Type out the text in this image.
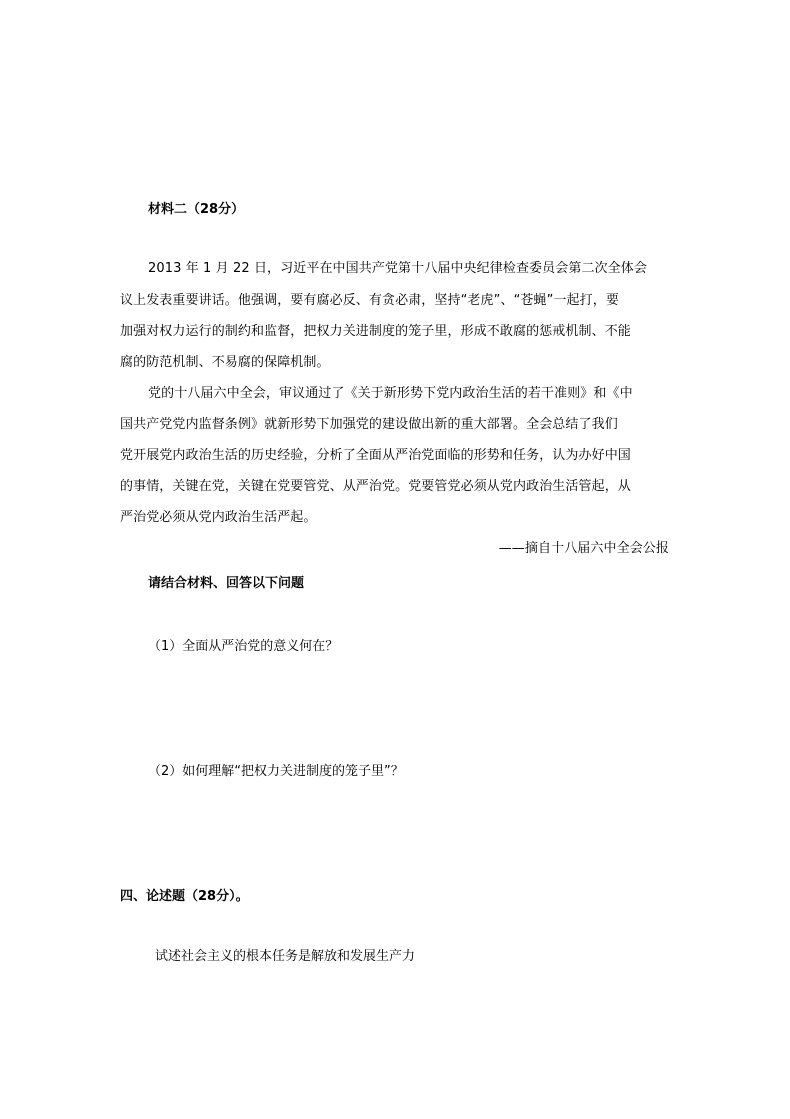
材料二（28分）

2013 年 1 月 22 日，习近平在中国共产党第十八届中央纪律检查委员会第二次全体会

议上发表重要讲话。他强调，要有腐必反、有贪必肃，坚持“老虎”、“苍蝇”一起打，要

加强对权力运行的制约和监督，把权力关进制度的笼子里，形成不敢腐的惩戒机制、不能

腐的防范机制、不易腐的保障机制。

党的十八届六中全会，审议通过了《关于新形势下党内政治生活的若干准则》和《中

国共产党党内监督条例》就新形势下加强党的建设做出新的重大部署。全会总结了我们

党开展党内政治生活的历史经验，分析了全面从严治党面临的形势和任务，认为办好中国

的事情，关键在党，关键在党要管党、从严治党。党要管党必须从党内政治生活管起，从

严治党必须从党内政治生活严起。

——摘自十八届六中全会公报

请结合材料、回答以下问题

（1）全面从严治党的意义何在？

（2）如何理解“把权力关进制度的笼子里”？

四、论述题（28分）。

试述社会主义的根本任务是解放和发展生产力
